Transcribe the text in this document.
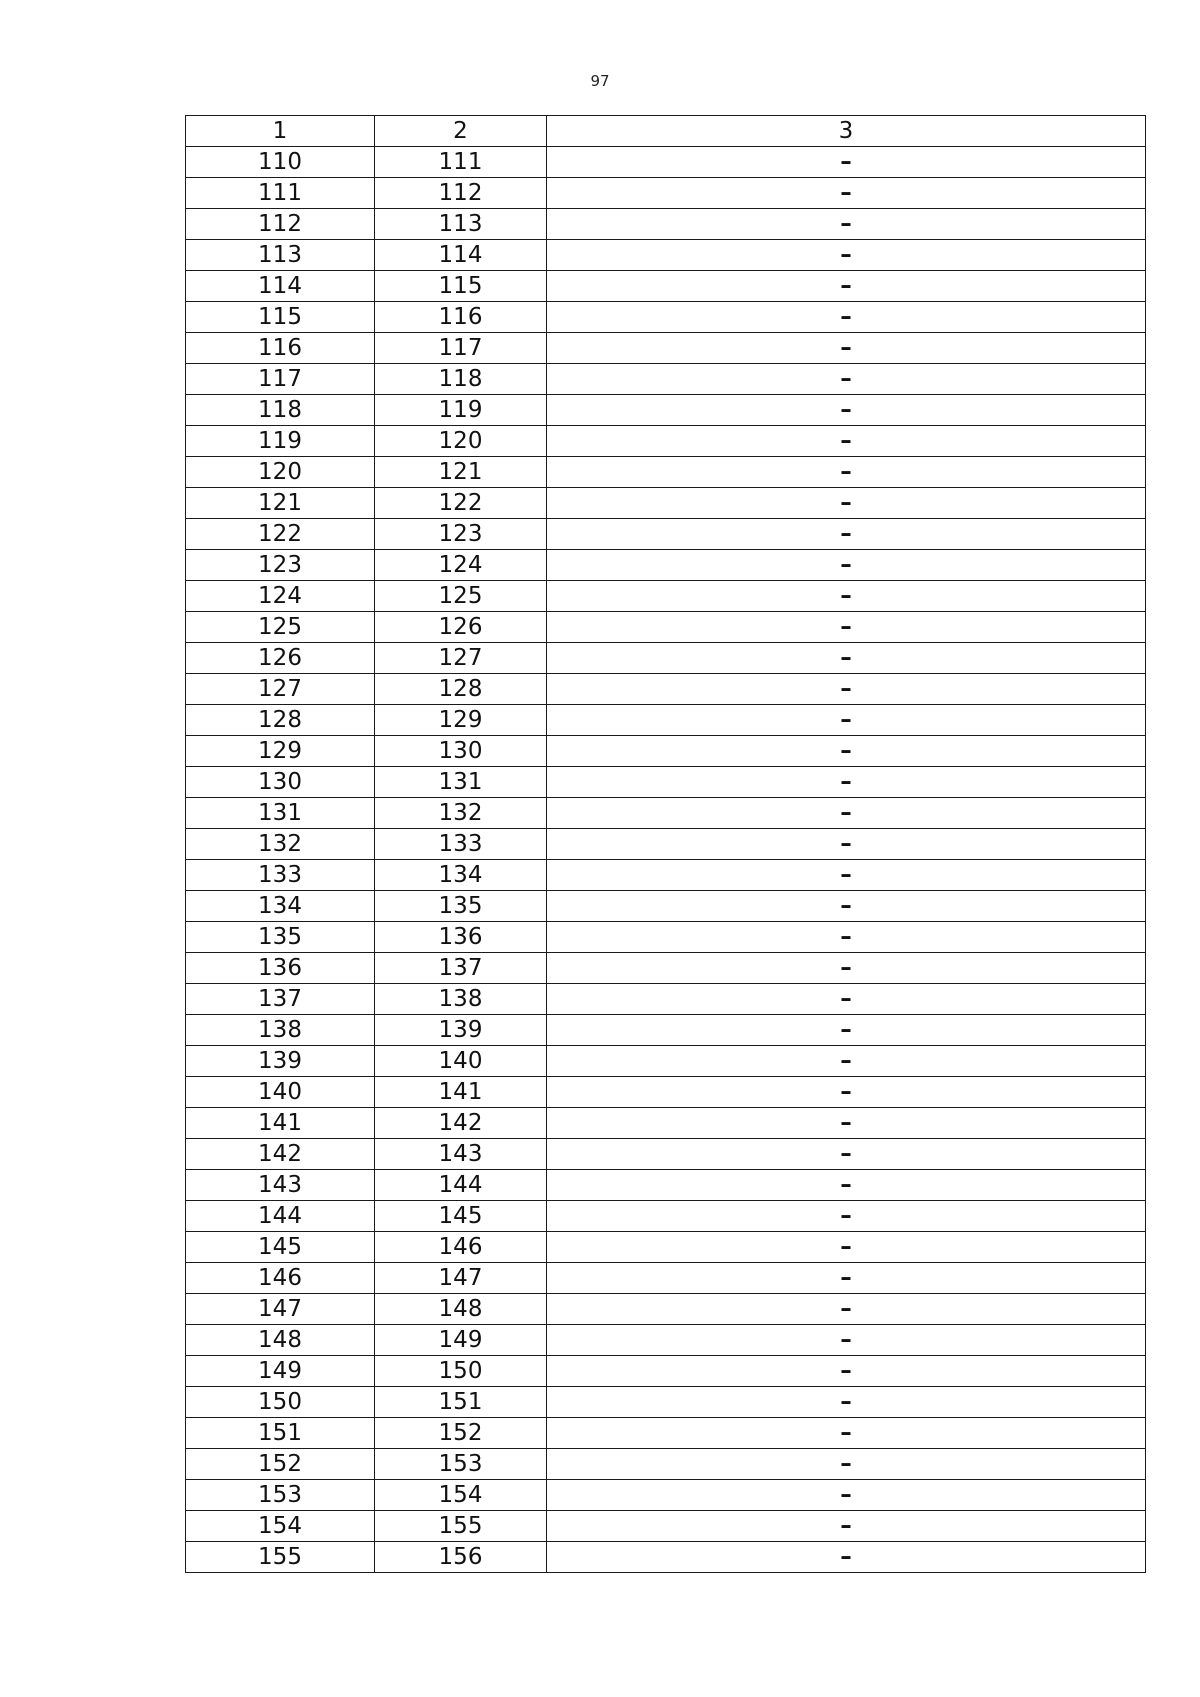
97
1	2	3
110	111	–
111	112	–
112	113	–
113	114	–
114	115	–
115	116	–
116	117	–
117	118	–
118	119	–
119	120	–
120	121	–
121	122	–
122	123	–
123	124	–
124	125	–
125	126	–
126	127	–
127	128	–
128	129	–
129	130	–
130	131	–
131	132	–
132	133	–
133	134	–
134	135	–
135	136	–
136	137	–
137	138	–
138	139	–
139	140	–
140	141	–
141	142	–
142	143	–
143	144	–
144	145	–
145	146	–
146	147	–
147	148	–
148	149	–
149	150	–
150	151	–
151	152	–
152	153	–
153	154	–
154	155	–
155	156	–
